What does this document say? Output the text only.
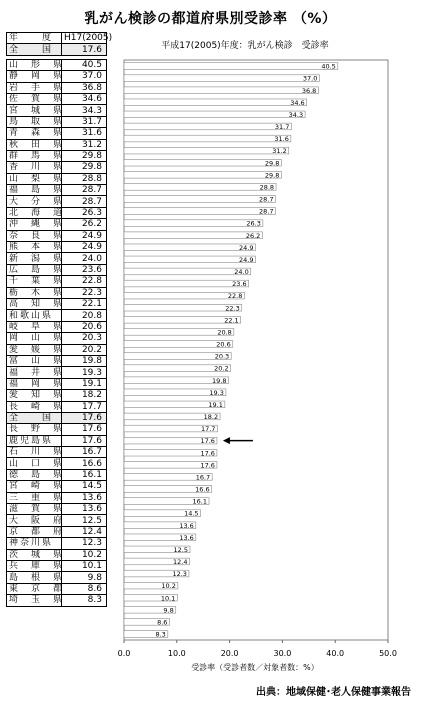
乳がん検診の都道府県別受診率 （%）
年　　度	H17(2005)
全　　国	17.6

山　形　県	40.5
静　岡　県	37.0
岩　手　県	36.8
佐　賀　県	34.6
宮　城　県	34.3
鳥　取　県	31.7
青　森　県	31.6
秋　田　県	31.2
群　馬　県	29.8
香　川　県	29.8
山　梨　県	28.8
福　島　県	28.7
大　分　県	28.7
北　海　道	26.3
沖　縄　県	26.2
奈　良　県	24.9
熊　本　県	24.9
新　潟　県	24.0
広　島　県	23.6
千　葉　県	22.8
栃　木　県	22.3
高　知　県	22.1
和歌山県	20.8
岐　阜　県	20.6
岡　山　県	20.3
愛　媛　県	20.2
富　山　県	19.8
福　井　県	19.3
福　岡　県	19.1
愛　知　県	18.2
長　崎　県	17.7
全　　国	17.6
長　野　県	17.6
鹿児島県	17.6
石　川　県	16.7
山　口　県	16.6
徳　島　県	16.1
宮　崎　県	14.5
三　重　県	13.6
滋　賀　県	13.6
大　阪　府	12.5
京　都　府	12.4
神奈川県	12.3
茨　城　県	10.2
兵　庫　県	10.1
島　根　県	9.8
東　京　都	8.6
埼　玉　県	8.3
平成17(2005)年度：乳がん検診　受診率
40.5
37.0
36.8
34.6
34.3
31.7
31.6
31.2
29.8
29.8
28.8
28.7
28.7
26.3
26.2
24.9
24.9
24.0
23.6
22.8
22.3
22.1
20.8
20.6
20.3
20.2
19.8
19.3
19.1
18.2
17.7
17.6
17.6
17.6
16.7
16.6
16.1
14.5
13.6
13.6
12.5
12.4
12.3
10.2
10.1
9.8
8.6
8.3
0.0	10.0	20.0	30.0	40.0	50.0
受診率（受診者数／対象者数：%）
出典：地域保健･老人保健事業報告
